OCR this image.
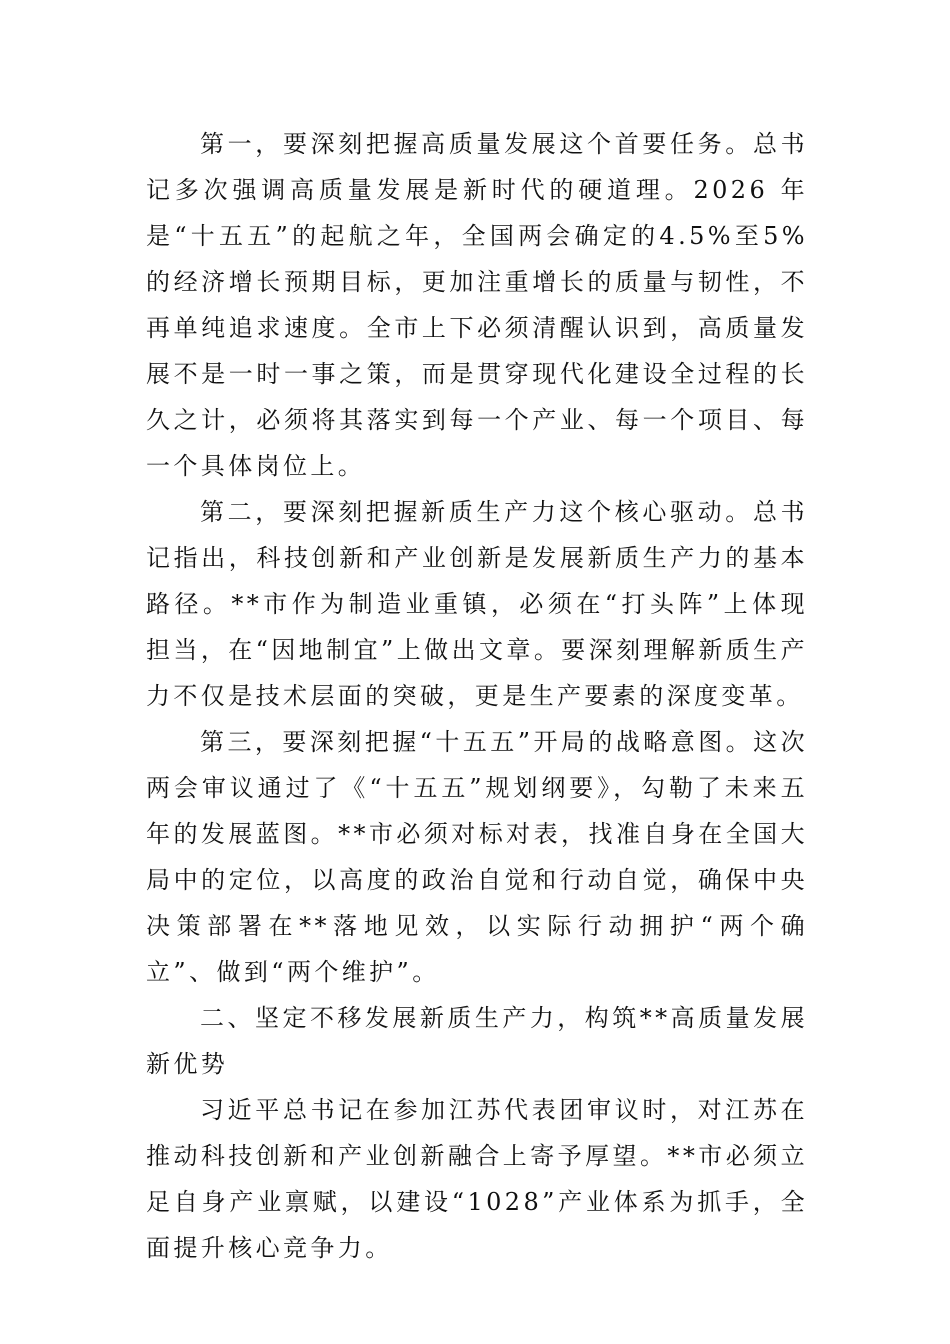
第一，要深刻把握高质量发展这个首要任务。总书记多次强调高质量发展是新时代的硬道理。2026 年是“十五五”的起航之年，全国两会确定的4.5%至5%的经济增长预期目标，更加注重增长的质量与韧性，不再单纯追求速度。全市上下必须清醒认识到，高质量发展不是一时一事之策，而是贯穿现代化建设全过程的长久之计，必须将其落实到每一个产业、每一个项目、每一个具体岗位上。

第二，要深刻把握新质生产力这个核心驱动。总书记指出，科技创新和产业创新是发展新质生产力的基本路径。**市作为制造业重镇，必须在“打头阵”上体现担当，在“因地制宜”上做出文章。要深刻理解新质生产力不仅是技术层面的突破，更是生产要素的深度变革。

第三，要深刻把握“十五五”开局的战略意图。这次两会审议通过了《“十五五”规划纲要》，勾勒了未来五年的发展蓝图。**市必须对标对表，找准自身在全国大局中的定位，以高度的政治自觉和行动自觉，确保中央决策部署在**落地见效，以实际行动拥护“两个确立”、做到“两个维护”。

二、坚定不移发展新质生产力，构筑**高质量发展新优势

习近平总书记在参加江苏代表团审议时，对江苏在推动科技创新和产业创新融合上寄予厚望。**市必须立足自身产业禀赋，以建设“1028”产业体系为抓手，全面提升核心竞争力。
